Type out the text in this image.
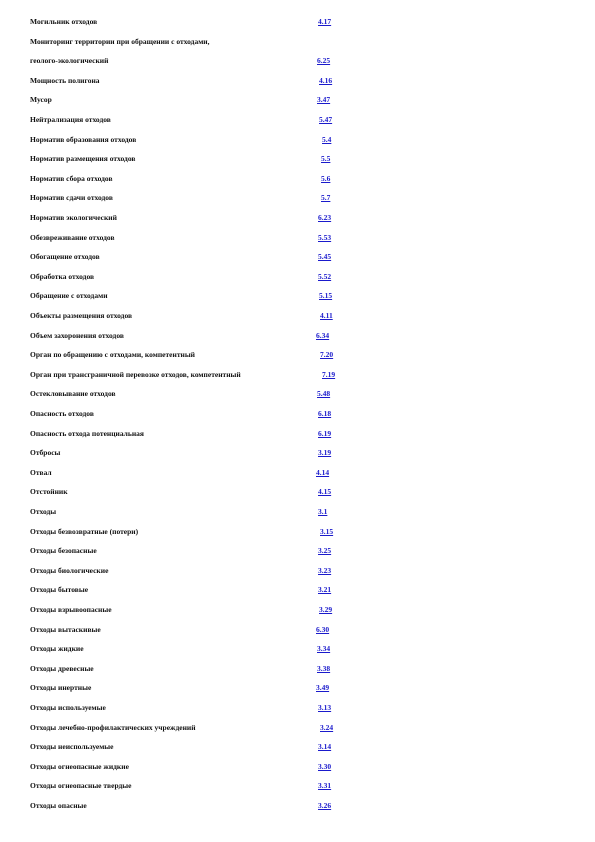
Могильник отходов	4.17
Мониторинг территории при обращении с отходами,
геолого-экологический	6.25
Мощность полигона	4.16
Мусор	3.47
Нейтрализация отходов	5.47
Норматив образования отходов	5.4
Норматив размещения отходов	5.5
Норматив сбора отходов	5.6
Норматив сдачи отходов	5.7
Норматив экологический	6.23
Обезвреживание отходов	5.53
Обогащение отходов	5.45
Обработка отходов	5.52
Обращение с отходами	5.15
Объекты размещения отходов	4.11
Объем захоронения отходов	6.34
Орган по обращению с отходами, компетентный	7.20
Орган при трансграничной перевозке отходов, компетентный	7.19
Остекловывание отходов	5.48
Опасность отходов	6.18
Опасность отхода потенциальная	6.19
Отбросы	3.19
Отвал	4.14
Отстойник	4.15
Отходы	3.1
Отходы безвозвратные (потери)	3.15
Отходы безопасные	3.25
Отходы биологические	3.23
Отходы бытовые	3.21
Отходы взрывоопасные	3.29
Отходы вытаскивые	6.30
Отходы жидкие	3.34
Отходы древесные	3.38
Отходы инертные	3.49
Отходы используемые	3.13
Отходы лечебно-профилактических учреждений	3.24
Отходы неиспользуемые	3.14
Отходы огнеопасные жидкие	3.30
Отходы огнеопасные твердые	3.31
Отходы опасные	3.26
